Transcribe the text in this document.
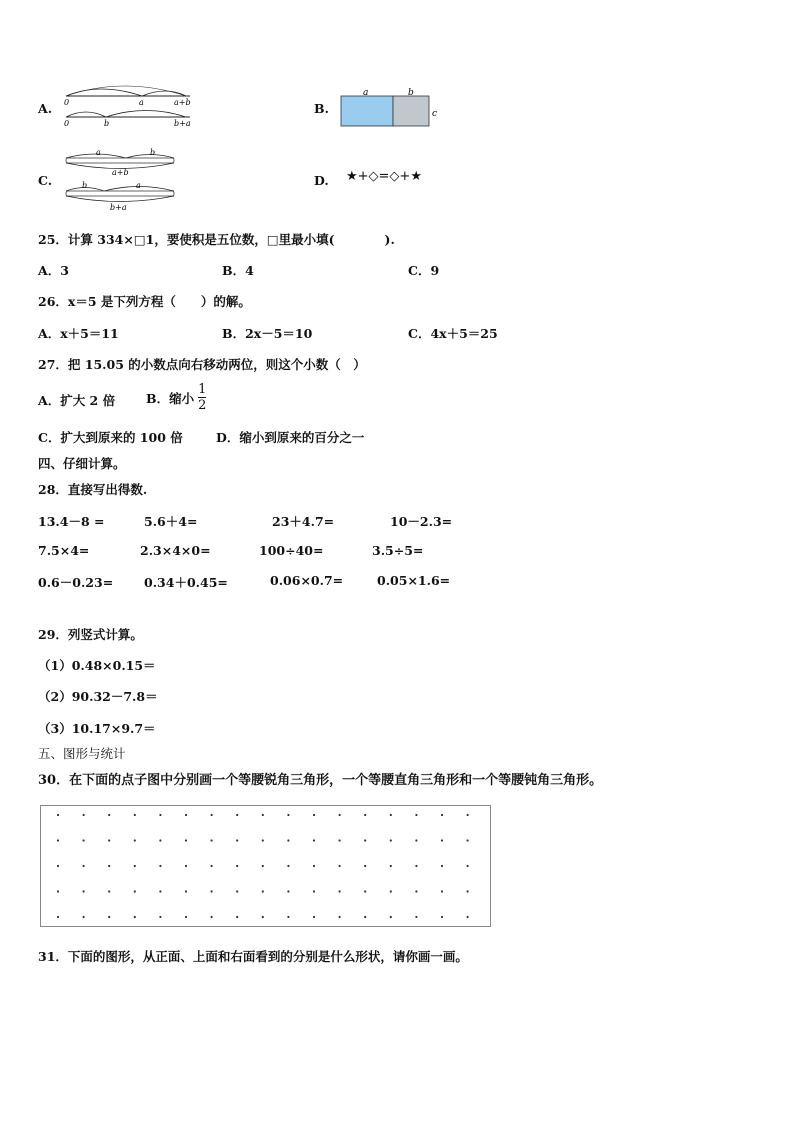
A. 0	a	a+b
0	b	b+a
B.
a	b
c
C.
a	b
a+b
b	a
b+a
D. ★+◇=◇+★
25．计算 334×□1，要使积是五位数，□里最小填(　　　　).
A．3	B．4	C．9
26．x＝5 是下列方程（　　）的解。
A．x＋5＝11	B．2x－5＝10	C．4x＋5＝25
27．把 15.05 的小数点向右移动两位，则这个小数（　）
A．扩大 2 倍 B．缩小 $\frac{1}{2}$
C．扩大到原来的 100 倍	D．缩小到原来的百分之一
四、仔细计算。
28．直接写出得数.
13.4－8 =	5.6＋4=	23＋4.7=	10－2.3=
7.5×4=	2.3×4×0=	100÷40=	3.5÷5=
0.6－0.23= 0.34＋0.45=	0.06×0.7=	0.05×1.6=
29．列竖式计算。
（1）0.48×0.15＝
（2）90.32－7.8＝
（3）10.17×9.7＝
五、图形与统计
30．在下面的点子图中分别画一个等腰锐角三角形，一个等腰直角三角形和一个等腰钝角三角形。
31．下面的图形，从正面、上面和右面看到的分别是什么形状，请你画一画。
